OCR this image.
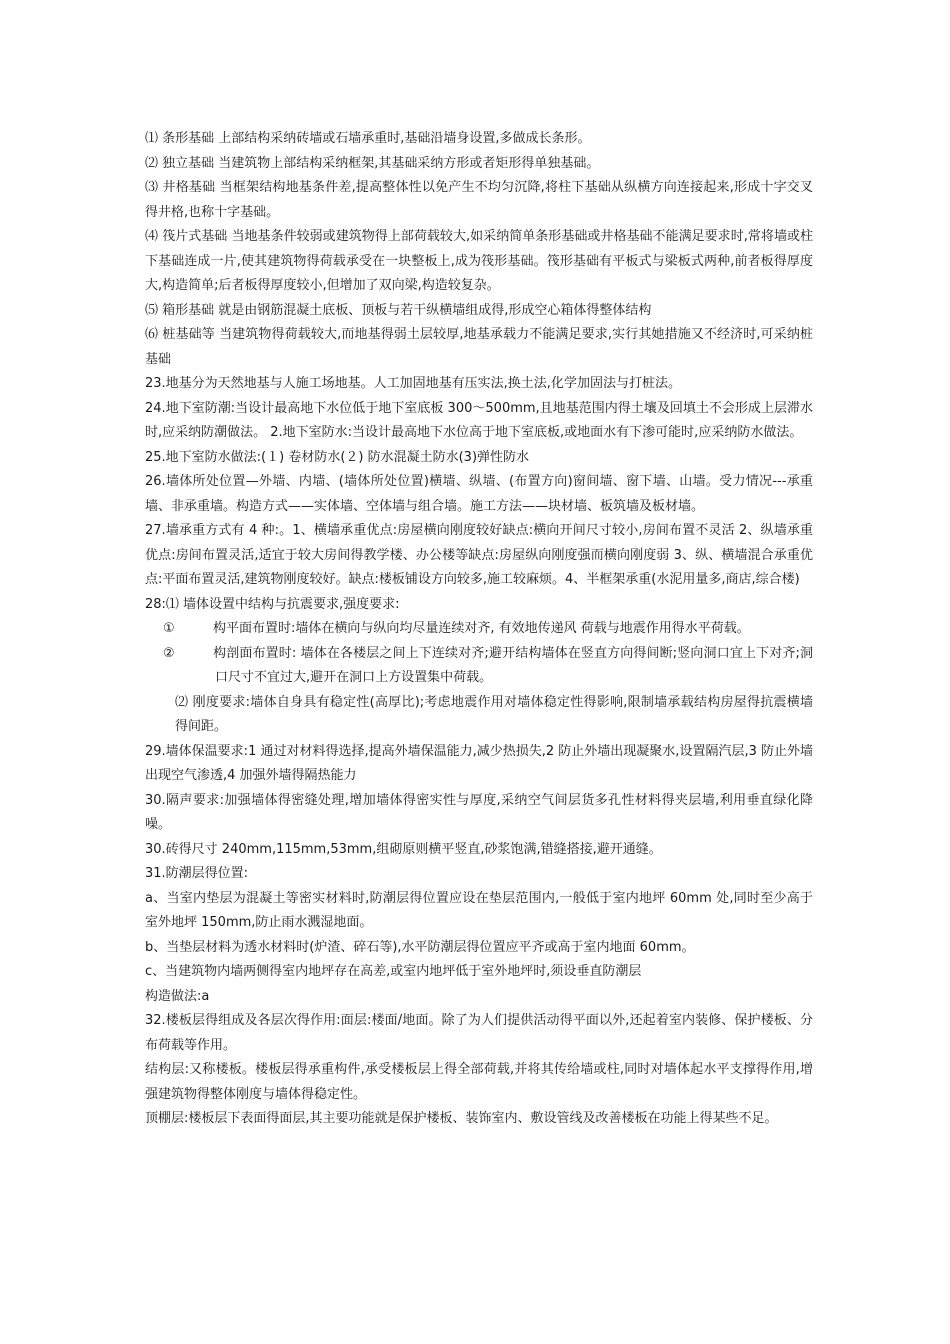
⑴ 条形基础 上部结构采纳砖墙或石墙承重时,基础沿墙身设置,多做成长条形。

⑵ 独立基础 当建筑物上部结构采纳框架,其基础采纳方形或者矩形得单独基础。

⑶ 井格基础 当框架结构地基条件差,提高整体性以免产生不均匀沉降,将柱下基础从纵横方向连接起来,形成十字交叉得井格,也称十字基础。

⑷ 筏片式基础 当地基条件较弱或建筑物得上部荷载较大,如采纳简单条形基础或井格基础不能满足要求时,常将墙或柱下基础连成一片,使其建筑物得荷载承受在一块整板上,成为筏形基础。筏形基础有平板式与梁板式两种,前者板得厚度大,构造简单;后者板得厚度较小,但增加了双向梁,构造较复杂。

⑸ 箱形基础 就是由钢筋混凝土底板、顶板与若干纵横墙组成得,形成空心箱体得整体结构

⑹ 桩基础等 当建筑物得荷载较大,而地基得弱土层较厚,地基承载力不能满足要求,实行其她措施又不经济时,可采纳桩基础

23.地基分为天然地基与人施工场地基。人工加固地基有压实法,换土法,化学加固法与打桩法。

24.地下室防潮:当设计最高地下水位低于地下室底板 300～500mm,且地基范围内得土壤及回填土不会形成上层滞水时,应采纳防潮做法。 2.地下室防水:当设计最高地下水位高于地下室底板,或地面水有下渗可能时,应采纳防水做法。

25.地下室防水做法:(１) 卷材防水(２) 防水混凝土防水(3)弹性防水

26.墙体所处位置—外墙、内墙、(墙体所处位置)横墙、纵墙、(布置方向)窗间墙、窗下墙、山墙。受力情况---承重墙、非承重墙。构造方式——实体墙、空体墙与组合墙。施工方法——块材墙、板筑墙及板材墙。

27.墙承重方式有 4 种:。1、横墙承重优点:房屋横向刚度较好缺点:横向开间尺寸较小,房间布置不灵活 2、纵墙承重优点:房间布置灵活,适宜于较大房间得教学楼、办公楼等缺点:房屋纵向刚度强而横向刚度弱 3、纵、横墙混合承重优点:平面布置灵活,建筑物刚度较好。缺点:楼板铺设方向较多,施工较麻烦。4、半框架承重(水泥用量多,商店,综合楼)

28:⑴ 墙体设置中结构与抗震要求,强度要求:

①	构平面布置时:墙体在横向与纵向均尽量连续对齐, 有效地传递风 荷载与地震作用得水平荷载。

②	构剖面布置时: 墙体在各楼层之间上下连续对齐;避开结构墙体在竖直方向得间断;竖向洞口宜上下对齐;洞口尺寸不宜过大,避开在洞口上方设置集中荷载。

⑵ 刚度要求:墙体自身具有稳定性(高厚比);考虑地震作用对墙体稳定性得影响,限制墙承载结构房屋得抗震横墙得间距。

29.墙体保温要求:1 通过对材料得选择,提高外墙保温能力,减少热损失,2 防止外墙出现凝聚水,设置隔汽层,3 防止外墙出现空气渗透,4 加强外墙得隔热能力

30.隔声要求:加强墙体得密缝处理,增加墙体得密实性与厚度,采纳空气间层货多孔性材料得夹层墙,利用垂直绿化降噪。

30.砖得尺寸 240mm,115mm,53mm,组砌原则横平竖直,砂浆饱满,错缝搭接,避开通缝。

31.防潮层得位置:

a、当室内垫层为混凝土等密实材料时,防潮层得位置应设在垫层范围内,一般低于室内地坪 60mm 处,同时至少高于室外地坪 150mm,防止雨水溅湿地面。

b、当垫层材料为透水材料时(炉渣、碎石等),水平防潮层得位置应平齐或高于室内地面 60mm。

c、当建筑物内墙两侧得室内地坪存在高差,或室内地坪低于室外地坪时,须设垂直防潮层

构造做法:a

32.楼板层得组成及各层次得作用:面层:楼面/地面。除了为人们提供活动得平面以外,还起着室内装修、保护楼板、分布荷载等作用。

结构层:又称楼板。楼板层得承重构件,承受楼板层上得全部荷载,并将其传给墙或柱,同时对墙体起水平支撑得作用,增强建筑物得整体刚度与墙体得稳定性。

顶棚层:楼板层下表面得面层,其主要功能就是保护楼板、装饰室内、敷设管线及改善楼板在功能上得某些不足。
